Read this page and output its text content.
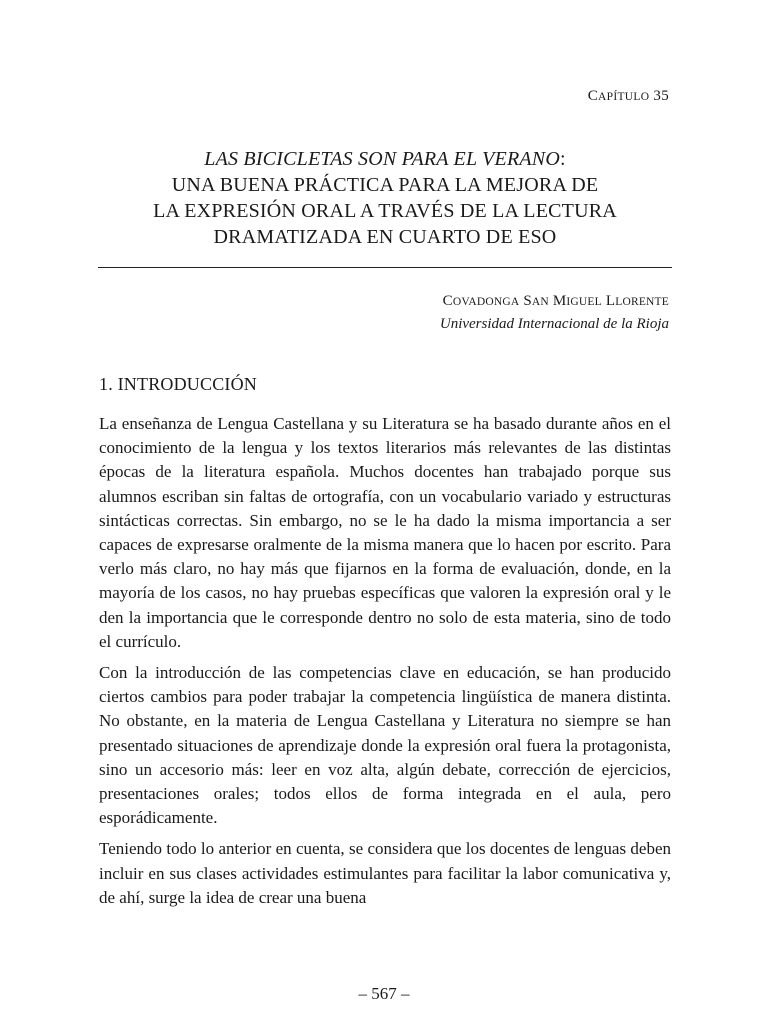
CAPÍTULO 35
LAS BICICLETAS SON PARA EL VERANO:
UNA BUENA PRÁCTICA PARA LA MEJORA DE
LA EXPRESIÓN ORAL A TRAVÉS DE LA LECTURA
DRAMATIZADA EN CUARTO DE ESO
COVADONGA SAN MIGUEL LLORENTE
Universidad Internacional de la Rioja
1. INTRODUCCIÓN

La enseñanza de Lengua Castellana y su Literatura se ha basado durante años en el conocimiento de la lengua y los textos literarios más relevantes de las distintas épocas de la literatura española. Muchos docentes han trabajado porque sus alumnos escriban sin faltas de ortografía, con un vocabulario variado y estructuras sintácticas correctas. Sin embargo, no se le ha dado la misma importancia a ser capaces de expresarse oralmente de la misma manera que lo hacen por escrito. Para verlo más claro, no hay más que fijarnos en la forma de evaluación, donde, en la mayoría de los casos, no hay pruebas específicas que valoren la expresión oral y le den la importancia que le corresponde dentro no solo de esta materia, sino de todo el currículo.

Con la introducción de las competencias clave en educación, se han producido ciertos cambios para poder trabajar la competencia lingüística de manera distinta. No obstante, en la materia de Lengua Castellana y Literatura no siempre se han presentado situaciones de aprendizaje donde la expresión oral fuera la protagonista, sino un accesorio más: leer en voz alta, algún debate, corrección de ejercicios, presentaciones orales; todos ellos de forma integrada en el aula, pero esporádicamente.

Teniendo todo lo anterior en cuenta, se considera que los docentes de lenguas deben incluir en sus clases actividades estimulantes para facilitar la labor comunicativa y, de ahí, surge la idea de crear una buena

– 567 –
